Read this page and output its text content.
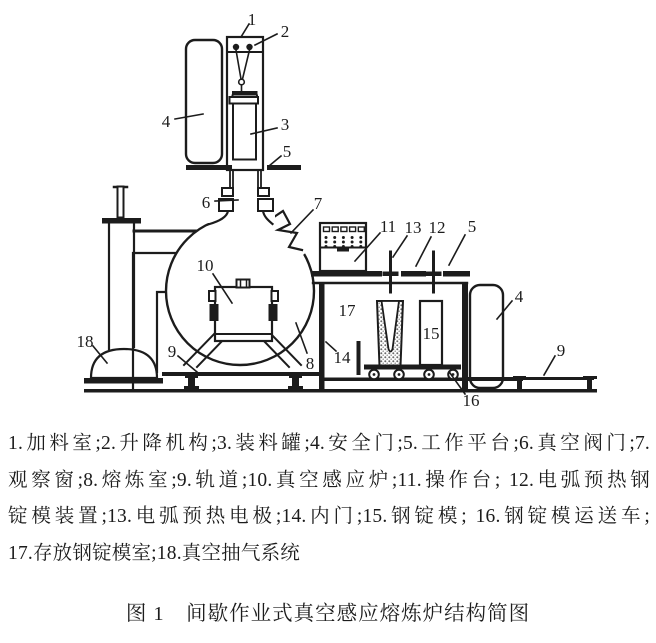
1
2
3
4
5
6	7
8
9
10
11 13 12 5
4
9
14
15
16
17
18
1.加料室;2.升降机构;3.装料罐;4.安全门;5.工作平台;6.真空阀门;7.
观察窗;8.熔炼室;9.轨道;10.真空感应炉;11.操作台; 12.电弧预热钢
锭模装置;13.电弧预热电极;14.内门;15.钢锭模; 16.钢锭模运送车;
17.存放钢锭模室;18.真空抽气系统
图 1　间歇作业式真空感应熔炼炉结构简图
